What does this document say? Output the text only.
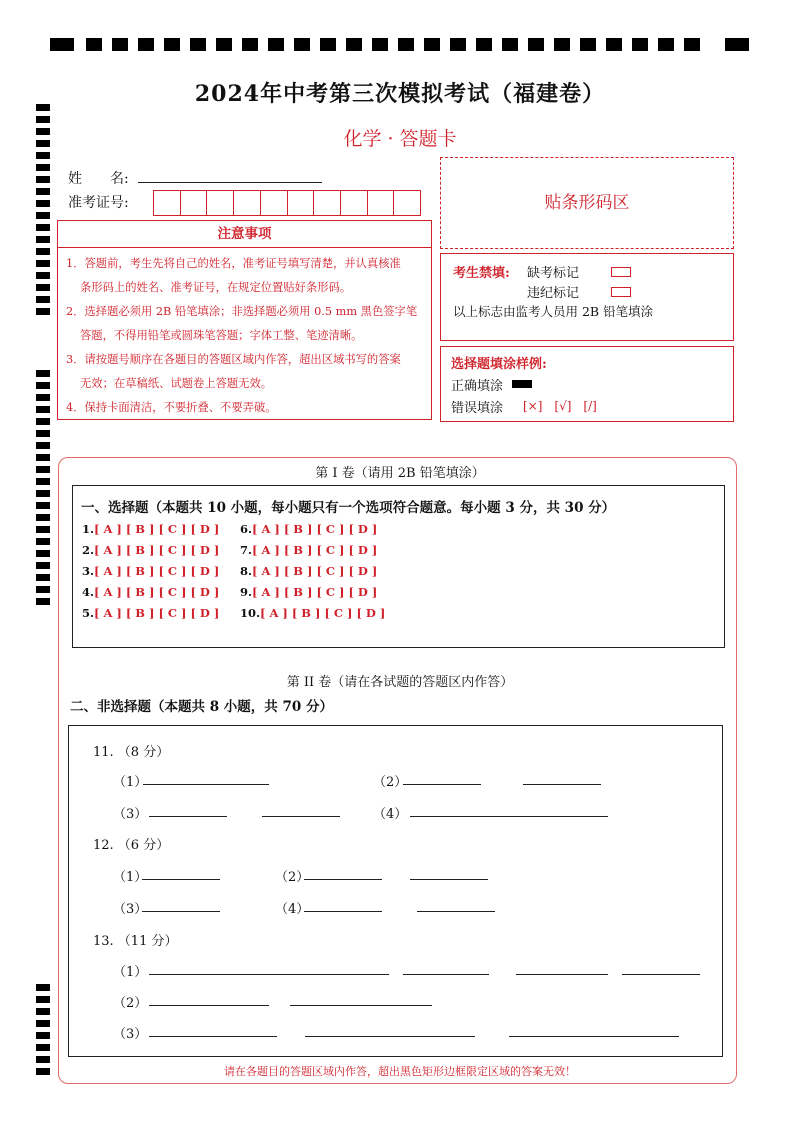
2024年中考第三次模拟考试（福建卷）
化学 · 答题卡
姓　　名:
准考证号:	贴条形码区
注意事项
1．答题前，考生先将自己的姓名，准考证号填写清楚，并认真核准
条形码上的姓名、准考证号，在规定位置贴好条形码。
2．选择题必须用 2B 铅笔填涂；非选择题必须用 0.5 mm 黑色签字笔
答题，不得用铅笔或圆珠笔答题；字体工整、笔迹清晰。
3．请按题号顺序在各题目的答题区域内作答，超出区域书写的答案
无效；在草稿纸、试题卷上答题无效。
4．保持卡面清洁，不要折叠、不要弄破。
考生禁填: 缺考标记
违纪标记
以上标志由监考人员用 2B 铅笔填涂
选择题填涂样例:
正确填涂
错误填涂 [×]　[√]　[/]
第 I 卷（请用 2B 铅笔填涂）
一、选择题（本题共 10 小题，每小题只有一个选项符合题意。每小题 3 分，共 30 分）
1.[ A ] [ B ] [ C ] [ D ]
2.[ A ] [ B ] [ C ] [ D ]
3.[ A ] [ B ] [ C ] [ D ]
4.[ A ] [ B ] [ C ] [ D ]
5.[ A ] [ B ] [ C ] [ D ]
6.[ A ] [ B ] [ C ] [ D ]
7.[ A ] [ B ] [ C ] [ D ]
8.[ A ] [ B ] [ C ] [ D ]
9.[ A ] [ B ] [ C ] [ D ]
10.[ A ] [ B ] [ C ] [ D ]
第 II 卷（请在各试题的答题区内作答）
二、非选择题（本题共 8 小题，共 70 分）
11. （8 分）
（1）	（2）
（3）	（4）
12. （6 分）
（1）	（2）
（3）	（4）
13. （11 分）
（1）
（2）
（3）
请在各题目的答题区域内作答，超出黑色矩形边框限定区域的答案无效！
